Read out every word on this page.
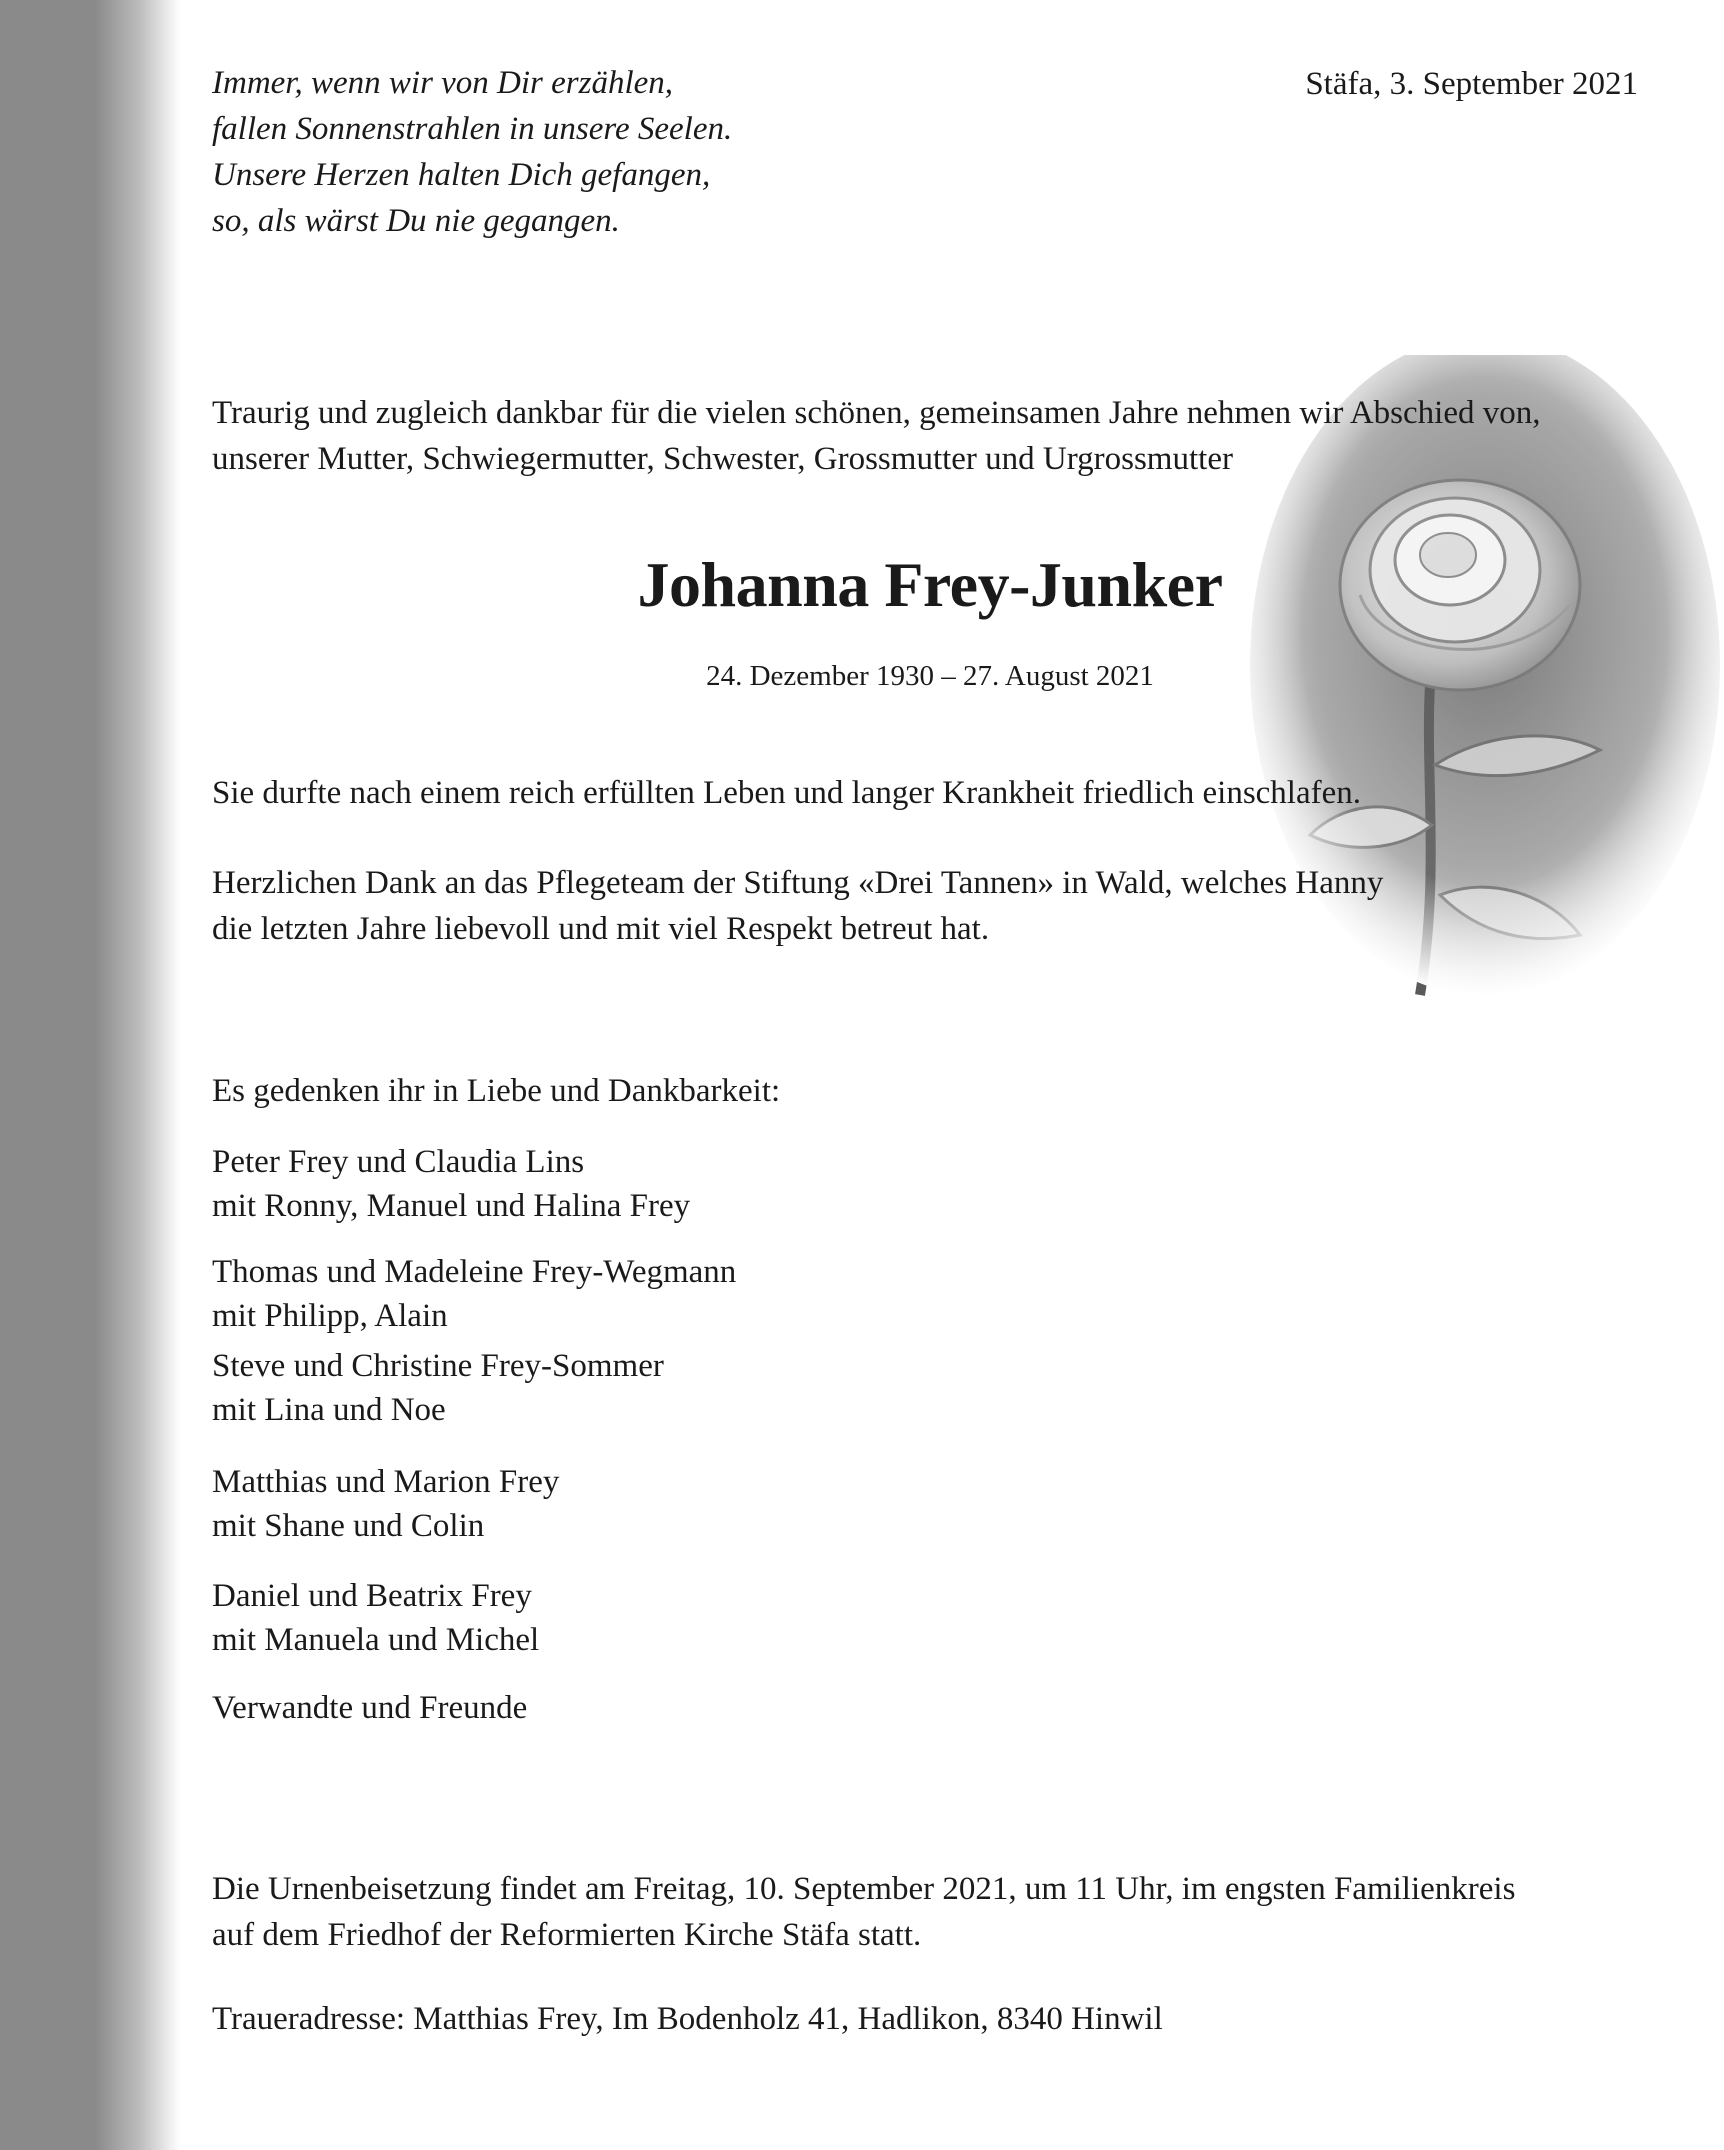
Immer, wenn wir von Dir erzählen,
fallen Sonnenstrahlen in unsere Seelen.
Unsere Herzen halten Dich gefangen,
so, als wärst Du nie gegangen.
Stäfa, 3. September 2021
Traurig und zugleich dankbar für die vielen schönen, gemeinsamen Jahre nehmen wir Abschied von,
unserer Mutter, Schwiegermutter, Schwester, Grossmutter und Urgrossmutter
Johanna Frey-Junker
24. Dezember 1930 – 27. August 2021
Sie durfte nach einem reich erfüllten Leben und langer Krankheit friedlich einschlafen.
Herzlichen Dank an das Pflegeteam der Stiftung «Drei Tannen» in Wald, welches Hanny
die letzten Jahre liebevoll und mit viel Respekt betreut hat.
Es gedenken ihr in Liebe und Dankbarkeit:
Peter Frey und Claudia Lins
mit Ronny, Manuel und Halina Frey
Thomas und Madeleine Frey-Wegmann
mit Philipp, Alain
Steve und Christine Frey-Sommer
mit Lina und Noe
Matthias und Marion Frey
mit Shane und Colin
Daniel und Beatrix Frey
mit Manuela und Michel
Verwandte und Freunde
Die Urnenbeisetzung findet am Freitag, 10. September 2021, um 11 Uhr, im engsten Familienkreis
auf dem Friedhof der Reformierten Kirche Stäfa statt.
Traueradresse: Matthias Frey, Im Bodenholz 41, Hadlikon, 8340 Hinwil
